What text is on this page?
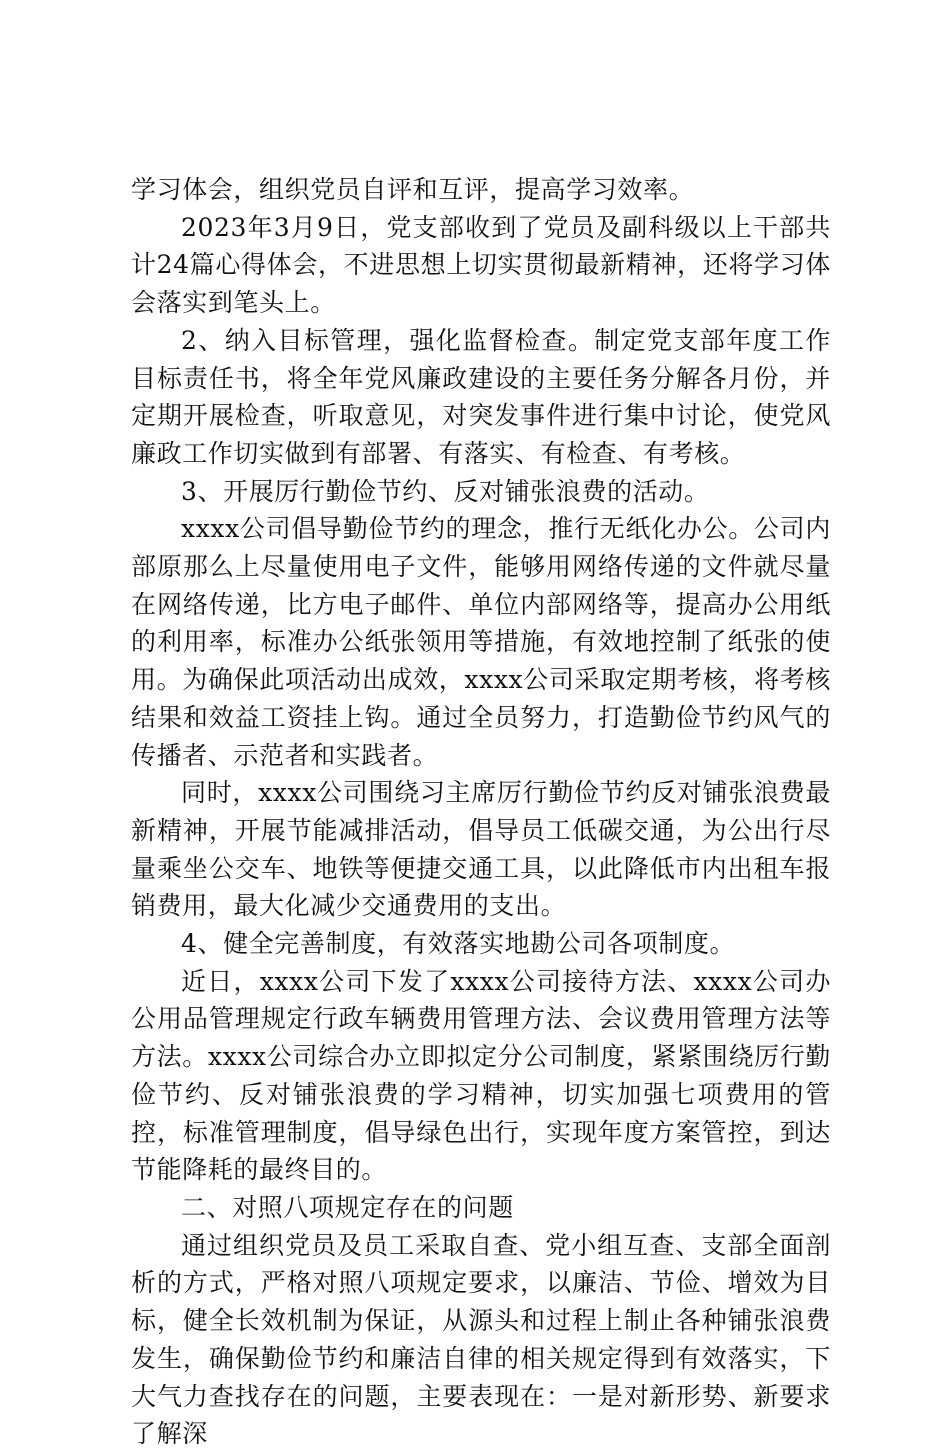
学习体会，组织党员自评和互评，提高学习效率。

2023年3月9日，党支部收到了党员及副科级以上干部共计24篇心得体会，不进思想上切实贯彻最新精神，还将学习体会落实到笔头上。

2、纳入目标管理，强化监督检查。制定党支部年度工作目标责任书，将全年党风廉政建设的主要任务分解各月份，并定期开展检查，听取意见，对突发事件进行集中讨论，使党风廉政工作切实做到有部署、有落实、有检查、有考核。

3、开展厉行勤俭节约、反对铺张浪费的活动。

xxxx公司倡导勤俭节约的理念，推行无纸化办公。公司内部原那么上尽量使用电子文件，能够用网络传递的文件就尽量在网络传递，比方电子邮件、单位内部网络等，提高办公用纸的利用率，标准办公纸张领用等措施，有效地控制了纸张的使用。为确保此项活动出成效，xxxx公司采取定期考核，将考核结果和效益工资挂上钩。通过全员努力，打造勤俭节约风气的传播者、示范者和实践者。

同时，xxxx公司围绕习主席厉行勤俭节约反对铺张浪费最新精神，开展节能减排活动，倡导员工低碳交通，为公出行尽量乘坐公交车、地铁等便捷交通工具，以此降低市内出租车报销费用，最大化减少交通费用的支出。

4、健全完善制度，有效落实地勘公司各项制度。

近日，xxxx公司下发了xxxx公司接待方法、xxxx公司办公用品管理规定行政车辆费用管理方法、会议费用管理方法等方法。xxxx公司综合办立即拟定分公司制度，紧紧围绕厉行勤俭节约、反对铺张浪费的学习精神，切实加强七项费用的管控，标准管理制度，倡导绿色出行，实现年度方案管控，到达节能降耗的最终目的。

二、对照八项规定存在的问题

通过组织党员及员工采取自查、党小组互查、支部全面剖析的方式，严格对照八项规定要求，以廉洁、节俭、增效为目标，健全长效机制为保证，从源头和过程上制止各种铺张浪费发生，确保勤俭节约和廉洁自律的相关规定得到有效落实，下大气力查找存在的问题，主要表现在：一是对新形势、新要求了解深
